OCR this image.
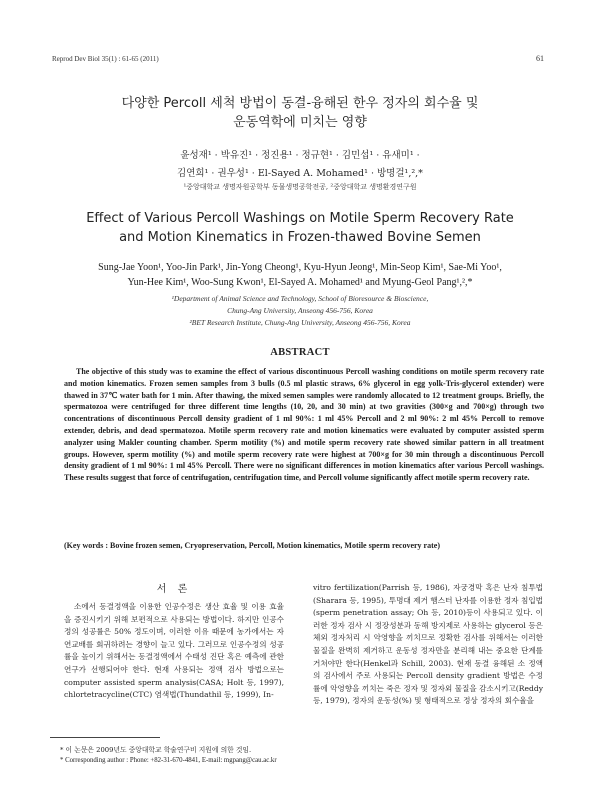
Reprod Dev Biol 35(1) : 61-65 (2011)	61
다양한 Percoll 세척 방법이 동결-융해된 한우 정자의 회수율 및
운동역학에 미치는 영향
윤성재¹ · 박유진¹ · 정진용¹ · 정규현¹ · 김민섭¹ · 유새미¹ ·
김연희¹ · 권우성¹ · El-Sayed A. Mohamed¹ · 방명걸¹,²,*
¹중앙대학교 생명자원공학부 동물생명공학전공, ²중앙대학교 생명환경연구원
Effect of Various Percoll Washings on Motile Sperm Recovery Rate
and Motion Kinematics in Frozen-thawed Bovine Semen
Sung-Jae Yoon¹, Yoo-Jin Park¹, Jin-Yong Cheong¹, Kyu-Hyun Jeong¹, Min-Seop Kim¹, Sae-Mi Yoo¹,
Yun-Hee Kim¹, Woo-Sung Kwon¹, El-Sayed A. Mohamed¹ and Myung-Geol Pang¹,²,*
¹Department of Animal Science and Technology, School of Bioresource & Bioscience,
Chung-Ang University, Anseong 456-756, Korea
²BET Research Institute, Chung-Ang University, Anseong 456-756, Korea
ABSTRACT

The objective of this study was to examine the effect of various discontinuous Percoll washing conditions on motile sperm recovery rate and motion kinematics. Frozen semen samples from 3 bulls (0.5 ml plastic straws, 6% glycerol in egg yolk-Tris-glycerol extender) were thawed in 37℃ water bath for 1 min. After thawing, the mixed semen samples were randomly allocated to 12 treatment groups. Briefly, the spermatozoa were centrifuged for three different time lengths (10, 20, and 30 min) at two gravities (300×g and 700×g) through two concentrations of discontinuous Percoll density gradient of 1 ml 90%: 1 ml 45% Percoll and 2 ml 90%: 2 ml 45% Percoll to remove extender, debris, and dead spermatozoa. Motile sperm recovery rate and motion kinematics were evaluated by computer assisted sperm analyzer using Makler counting chamber. Sperm motility (%) and motile sperm recovery rate showed similar pattern in all treatment groups. However, sperm motility (%) and motile sperm recovery rate were highest at 700×g for 30 min through a discontinuous Percoll density gradient of 1 ml 90%: 1 ml 45% Percoll. There were no significant differences in motion kinematics after various Percoll washings. These results suggest that force of centrifugation, centrifugation time, and Percoll volume significantly affect motile sperm recovery rate.

(Key words : Bovine frozen semen, Cryopreservation, Percoll, Motion kinematics, Motile sperm recovery rate)
서 론

소에서 동결정액을 이용한 인공수정은 생산 효율 및 이용 효율을 증진시키기 위해 보편적으로 사용되는 방법이다. 하지만 인공수정의 성공률은 50% 정도이며, 이러한 이유 때문에 농가에서는 자연교배를 회귀하려는 경향이 늘고 있다. 그러므로 인공수정의 성공률을 높이기 위해서는 동결정액에서 수태성 진단 혹은 예측에 관한 연구가 선행되어야 한다. 현재 사용되는 정액 검사 방법으로는 computer assisted sperm analysis(CASA; Holt 등, 1997), chlortetracycline(CTC) 염색법(Thundathil 등, 1999), In-

vitro fertilization(Parrish 등, 1986), 자궁경막 혹은 난자 침투법(Sharara 등, 1995), 투명대 제거 햄스터 난자를 이용한 정자 침입법 (sperm penetration assay; Oh 등, 2010)등이 사용되고 있다. 이러한 정자 검사 시 정장성분과 동해 방지제로 사용하는 glycerol 등은 체외 정자처리 시 악영향을 끼치므로 정확한 검사를 위해서는 이러한 물질을 완벽히 제거하고 운동성 정자만을 분리해 내는 중요한 단계를 거쳐야만 한다(Henkel과 Schill, 2003). 현재 동결 융해된 소 정액의 검사에서 주로 사용되는 Percoll density gradient 방법은 수정률에 악영향을 끼치는 죽은 정자 및 정자외 물질을 감소시키고(Reddy 등, 1979), 정자의 운동성(%) 및 형태적으로 정상 정자의 회수율을

* 이 논문은 2009년도 중앙대학교 학술연구비 지원에 의한 것임.
* Corresponding author : Phone: +82-31-670-4841, E-mail: mgpang@cau.ac.kr
